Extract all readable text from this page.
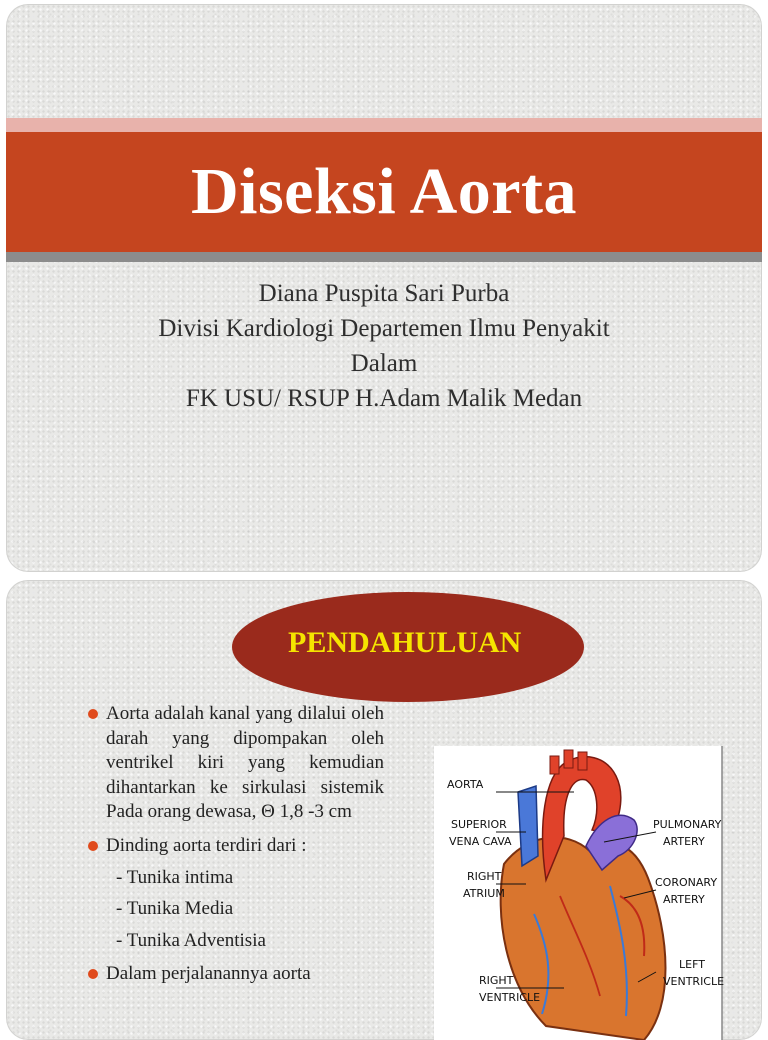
Diseksi Aorta
Diana Puspita Sari Purba
Divisi Kardiologi Departemen Ilmu Penyakit
Dalam
FK USU/ RSUP H.Adam Malik Medan
PENDAHULUAN
Aorta adalah kanal yang dilalui oleh darah yang dipompakan oleh ventrikel kiri yang kemudian dihantarkan ke sirkulasi sistemik Pada orang dewasa, Θ 1,8 -3 cm
Dinding aorta terdiri dari :
- Tunika intima
- Tunika Media
- Tunika Adventisia
Dalam perjalanannya aorta
AORTA
SUPERIOR
VENA CAVA
RIGHT
ATRIUM
RIGHT
VENTRICLE
PULMONARY
ARTERY
CORONARY
ARTERY
LEFT
VENTRICLE
